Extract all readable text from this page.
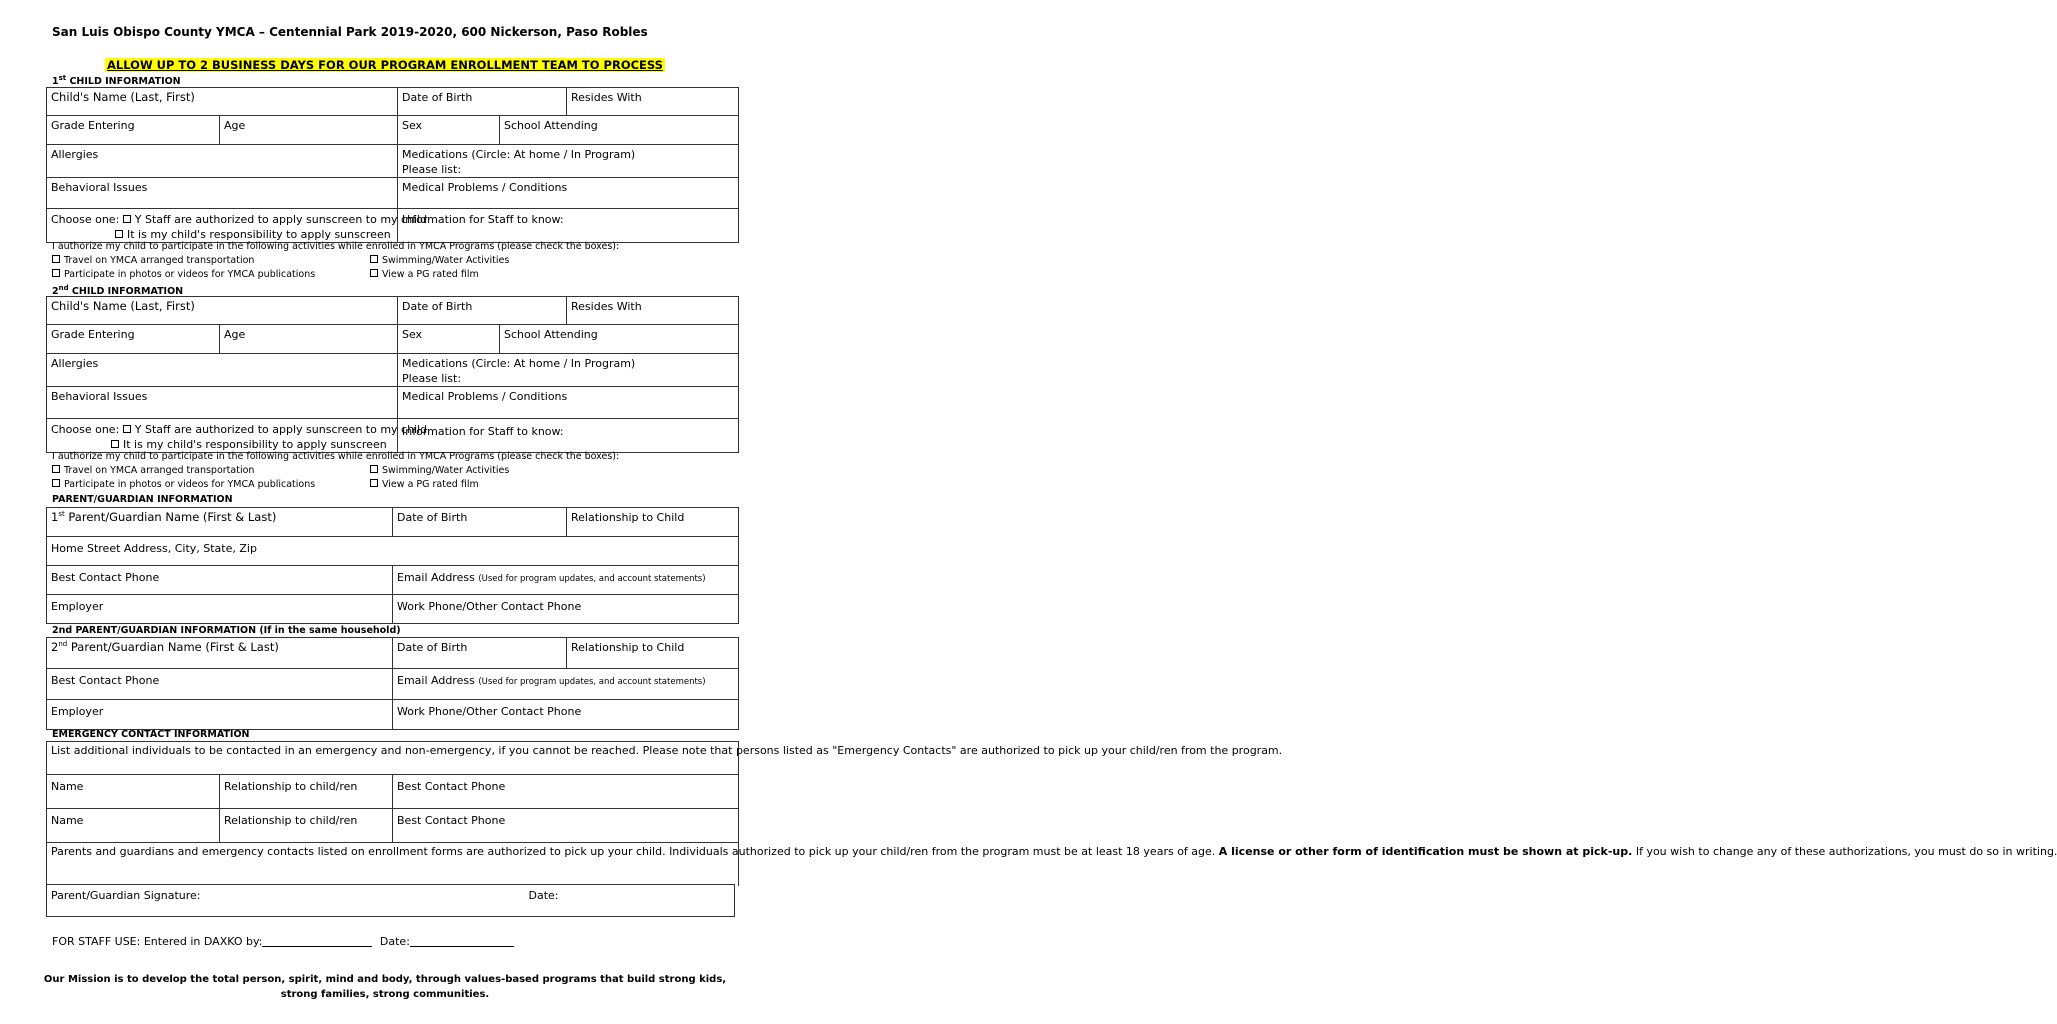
San Luis Obispo County YMCA – Centennial Park 2019-2020, 600 Nickerson, Paso Robles
ALLOW UP TO 2 BUSINESS DAYS FOR OUR PROGRAM ENROLLMENT TEAM TO PROCESS
1st CHILD INFORMATION
Child's Name (Last, First)		Date of Birth		Resides With
Grade Entering	Age	Sex	School Attending	
Allergies		Medications (Circle: At home / In Program)
Please list:		

Behavioral Issues		Medical Problems / Conditions		

Choose one: Y Staff are authorized to apply sunscreen to my child
It is my child's responsibility to apply sunscreen		Information for Staff to know:		
I authorize my child to participate in the following activities while enrolled in YMCA Programs (please check the boxes):
Travel on YMCA arranged transportation	Swimming/Water Activities
Participate in photos or videos for YMCA publications	View a PG rated film
2nd CHILD INFORMATION
Child's Name (Last, First)		Date of Birth		Resides With
Grade Entering	Age	Sex	School Attending	
Allergies		Medications (Circle: At home / In Program)
Please list:		

Behavioral Issues		Medical Problems / Conditions		

Choose one: Y Staff are authorized to apply sunscreen to my child
It is my child's responsibility to apply sunscreen		Information for Staff to know:		
I authorize my child to participate in the following activities while enrolled in YMCA Programs (please check the boxes):
Travel on YMCA arranged transportation	Swimming/Water Activities
Participate in photos or videos for YMCA publications	View a PG rated film
PARENT/GUARDIAN INFORMATION
1st Parent/Guardian Name (First & Last)	Date of Birth	Relationship to Child
Home Street Address, City, State, Zip		
Best Contact Phone	Email Address (Used for program updates, and account statements)	
Employer	Work Phone/Other Contact Phone	
2nd PARENT/GUARDIAN INFORMATION (If in the same household)
2nd Parent/Guardian Name (First & Last)	Date of Birth	Relationship to Child
Best Contact Phone	Email Address (Used for program updates, and account statements)	
Employer	Work Phone/Other Contact Phone	
EMERGENCY CONTACT INFORMATION
List additional individuals to be contacted in an emergency and non-emergency, if you cannot be reached. Please note that persons listed as "Emergency Contacts" are authorized to pick up your child/ren from the program.		
Name	Relationship to child/ren	Best Contact Phone
Name	Relationship to child/ren	Best Contact Phone
Parents and guardians and emergency contacts listed on enrollment forms are authorized to pick up your child. Individuals authorized to pick up your child/ren from the program must be at least 18 years of age. A license or other form of identification must be shown at pick-up. If you wish to change any of these authorizations, you must do so in writing.		
Parent/Guardian Signature:	Date:
FOR STAFF USE: Entered in DAXKO by:	Date:
Our Mission is to develop the total person, spirit, mind and body, through values-based programs that build strong kids, strong families, strong communities.
